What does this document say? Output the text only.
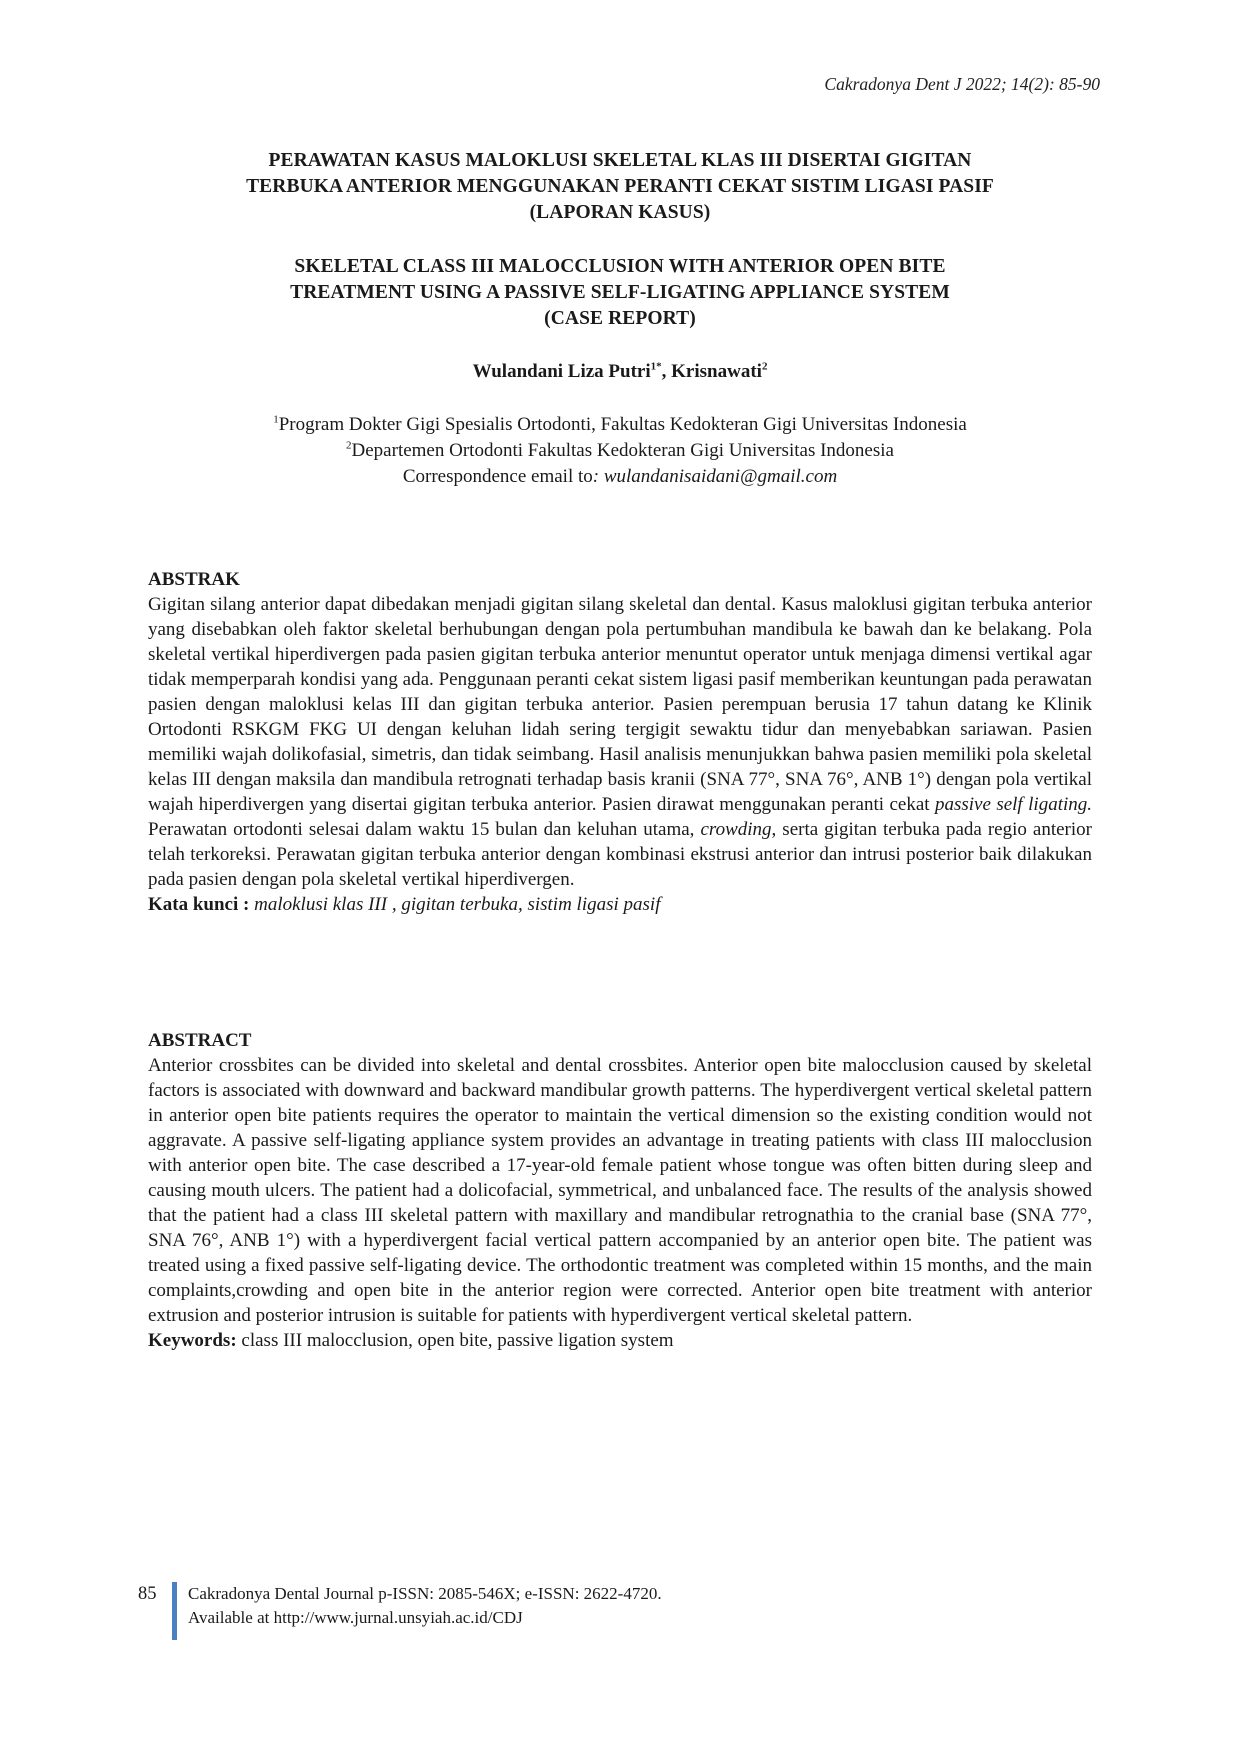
Cakradonya Dent J 2022; 14(2): 85-90
PERAWATAN KASUS MALOKLUSI SKELETAL KLAS III DISERTAI GIGITAN
TERBUKA ANTERIOR MENGGUNAKAN PERANTI CEKAT SISTIM LIGASI PASIF
(LAPORAN KASUS)
SKELETAL CLASS III MALOCCLUSION WITH ANTERIOR OPEN BITE
TREATMENT USING A PASSIVE SELF-LIGATING APPLIANCE SYSTEM
(CASE REPORT)
Wulandani Liza Putri$^{1*}$, Krisnawati$^2$
$^1$Program Dokter Gigi Spesialis Ortodonti, Fakultas Kedokteran Gigi Universitas Indonesia
$^2$Departemen Ortodonti Fakultas Kedokteran Gigi Universitas Indonesia
Correspondence email to: wulandanisaidani@gmail.com
ABSTRAK

Gigitan silang anterior dapat dibedakan menjadi gigitan silang skeletal dan dental. Kasus maloklusi gigitan terbuka anterior yang disebabkan oleh faktor skeletal berhubungan dengan pola pertumbuhan mandibula ke bawah dan ke belakang. Pola skeletal vertikal hiperdivergen pada pasien gigitan terbuka anterior menuntut operator untuk menjaga dimensi vertikal agar tidak memperparah kondisi yang ada. Penggunaan peranti cekat sistem ligasi pasif memberikan keuntungan pada perawatan pasien dengan maloklusi kelas III dan gigitan terbuka anterior. Pasien perempuan berusia 17 tahun datang ke Klinik Ortodonti RSKGM FKG UI dengan keluhan lidah sering tergigit sewaktu tidur dan menyebabkan sariawan. Pasien memiliki wajah dolikofasial, simetris, dan tidak seimbang. Hasil analisis menunjukkan bahwa pasien memiliki pola skeletal kelas III dengan maksila dan mandibula retrognati terhadap basis kranii (SNA 77°, SNA 76°, ANB 1°) dengan pola vertikal wajah hiperdivergen yang disertai gigitan terbuka anterior. Pasien dirawat menggunakan peranti cekat passive self ligating. Perawatan ortodonti selesai dalam waktu 15 bulan dan keluhan utama, crowding, serta gigitan terbuka pada regio anterior telah terkoreksi. Perawatan gigitan terbuka anterior dengan kombinasi ekstrusi anterior dan intrusi posterior baik dilakukan pada pasien dengan pola skeletal vertikal hiperdivergen.
Kata kunci : maloklusi klas III , gigitan terbuka, sistim ligasi pasif

ABSTRACT

Anterior crossbites can be divided into skeletal and dental crossbites. Anterior open bite malocclusion caused by skeletal factors is associated with downward and backward mandibular growth patterns. The hyperdivergent vertical skeletal pattern in anterior open bite patients requires the operator to maintain the vertical dimension so the existing condition would not aggravate. A passive self-ligating appliance system provides an advantage in treating patients with class III malocclusion with anterior open bite. The case described a 17-year-old female patient whose tongue was often bitten during sleep and causing mouth ulcers. The patient had a dolicofacial, symmetrical, and unbalanced face. The results of the analysis showed that the patient had a class III skeletal pattern with maxillary and mandibular retrognathia to the cranial base (SNA 77°, SNA 76°, ANB 1°) with a hyperdivergent facial vertical pattern accompanied by an anterior open bite. The patient was treated using a fixed passive self-ligating device. The orthodontic treatment was completed within 15 months, and the main complaints,crowding and open bite in the anterior region were corrected. Anterior open bite treatment with anterior extrusion and posterior intrusion is suitable for patients with hyperdivergent vertical skeletal pattern.
Keywords: class III malocclusion, open bite, passive ligation system

85 Cakradonya Dental Journal p-ISSN: 2085-546X; e-ISSN: 2622-4720.
Available at http://www.jurnal.unsyiah.ac.id/CDJ
